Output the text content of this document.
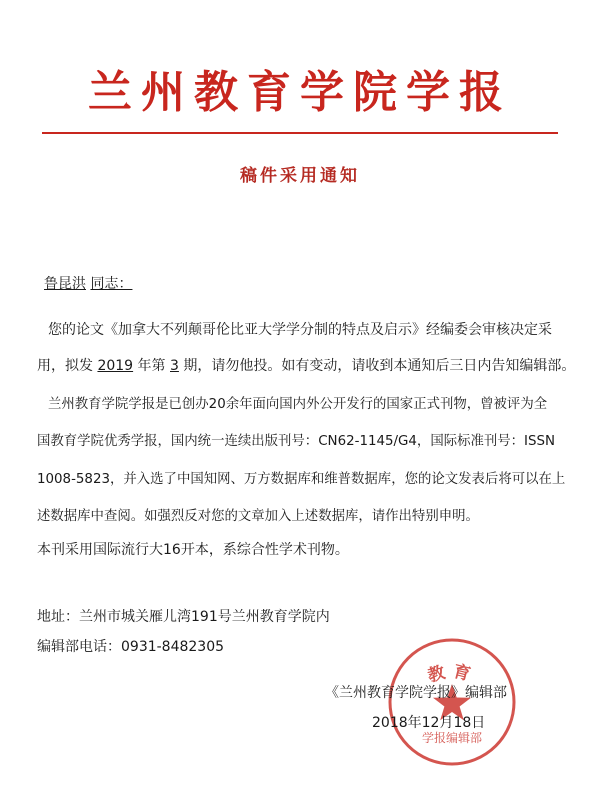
兰州教育学院学报
稿件采用通知
鲁昆洪 同志：
您的论文《加拿大不列颠哥伦比亚大学学分制的特点及启示》经编委会审核决定采
用，拟发 2019 年第 3 期，请勿他投。如有变动，请收到本通知后三日内告知编辑部。
兰州教育学院学报是已创办20余年面向国内外公开发行的国家正式刊物，曾被评为全
国教育学院优秀学报，国内统一连续出版刊号：CN62-1145/G4，国际标准刊号：ISSN
1008-5823，并入选了中国知网、万方数据库和维普数据库，您的论文发表后将可以在上
述数据库中查阅。如强烈反对您的文章加入上述数据库，请作出特别申明。
本刊采用国际流行大16开本，系综合性学术刊物。
地址：兰州市城关雁儿湾191号兰州教育学院内
编辑部电话：0931-8482305
教育
学报编辑部
《兰州教育学院学报》编辑部
2018年12月18日
